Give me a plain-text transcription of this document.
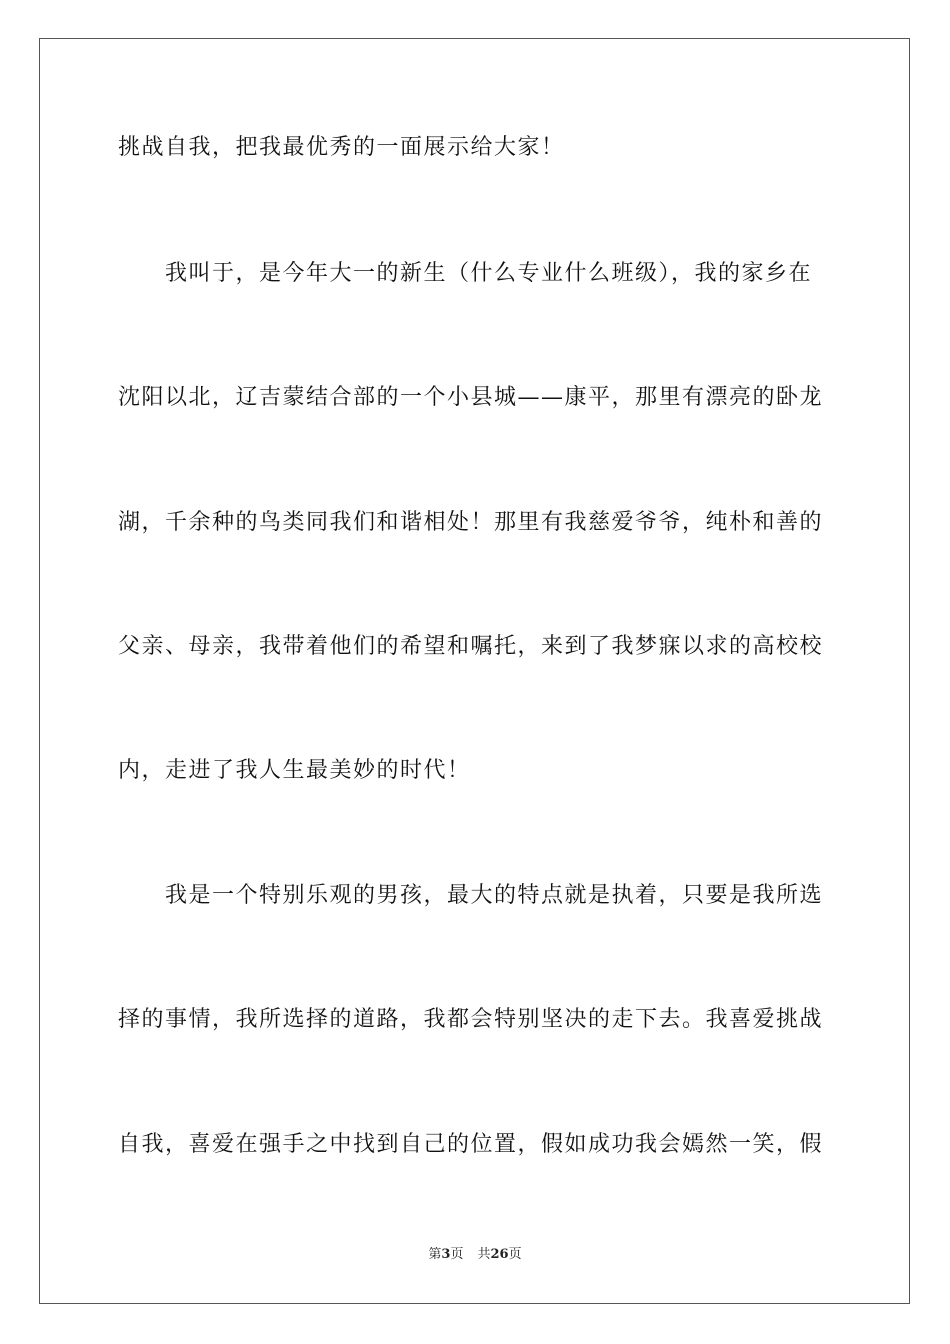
挑战自我，把我最优秀的一面展示给大家！
　　我叫于，是今年大一的新生（什么专业什么班级），我的家乡在
沈阳以北，辽吉蒙结合部的一个小县城——康平，那里有漂亮的卧龙
湖，千余种的鸟类同我们和谐相处！那里有我慈爱爷爷，纯朴和善的
父亲、母亲，我带着他们的希望和嘱托，来到了我梦寐以求的高校校
内，走进了我人生最美妙的时代！
　　我是一个特别乐观的男孩，最大的特点就是执着，只要是我所选
择的事情，我所选择的道路，我都会特别坚决的走下去。我喜爱挑战
自我，喜爱在强手之中找到自己的位置，假如成功我会嫣然一笑，假
第3页 共26页
